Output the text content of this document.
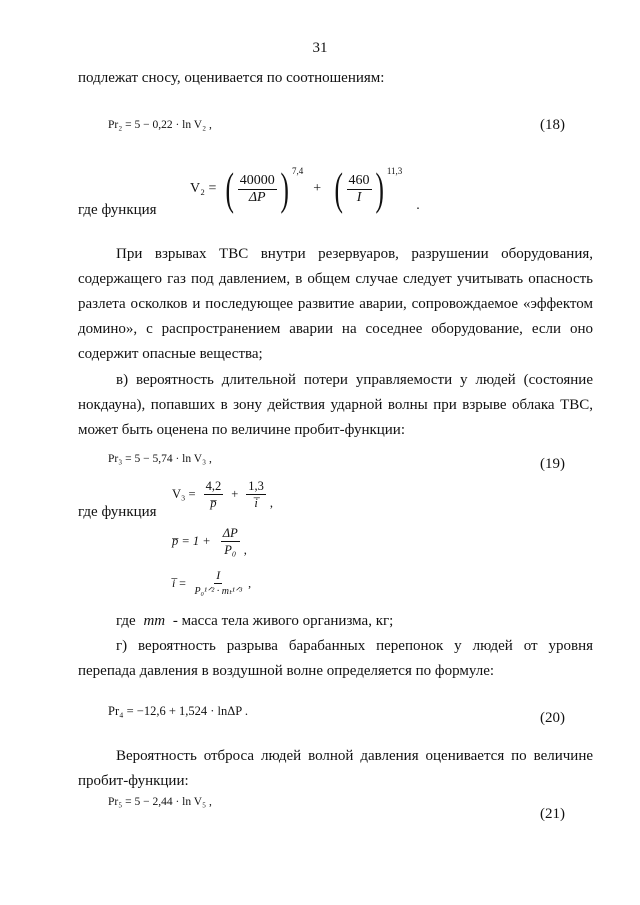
31
подлежат сносу, оценивается по соотношениям:
Pr₂ = 5 − 0,22 · ln V₂ ,	(18)
где функция
V₂ = ( $\frac{40000}{\Delta P}$ ) $^{7,4}$
+ ( $\frac{460}{I}$ ) $^{11,3}$
.
При взрывах ТВС внутри резервуаров, разрушении оборудования,
содержащего газ под давлением, в общем случае следует учитывать опасность
разлета осколков и последующее развитие аварии, сопровождаемое «эффектом
домино», с распространением аварии на соседнее оборудование, если оно
содержит опасные вещества;
в) вероятность длительной потери управляемости у людей (состояние
нокдауна), попавших в зону действия ударной волны при взрыве облака ТВС,
может быть оценена по величине пробит-функции:
Pr₃ = 5 − 5,74 · ln V₃ ,	(19)
где функция
$V_3 = \frac{4,2}{p̅} + \frac{1,3}{i̅}$ ,
p̅ = $1 + \frac{\Delta P}{\text{P₀}}$ ,
i̅ = $\frac{I}{\text{P₀¹ᐟ² · mₜ¹ᐟ³}}$ ,
где mт - масса тела живого организма, кг;
г) вероятность разрыва барабанных перепонок у людей от уровня
перепада давления в воздушной волне определяется по формуле:
Pr₄ = −12,6 + 1,524 · lnΔP .	(20)
Вероятность отброса людей волной давления оценивается по величине
пробит-функции:
Pr₅ = 5 − 2,44 · ln V₅ ,
(21)
